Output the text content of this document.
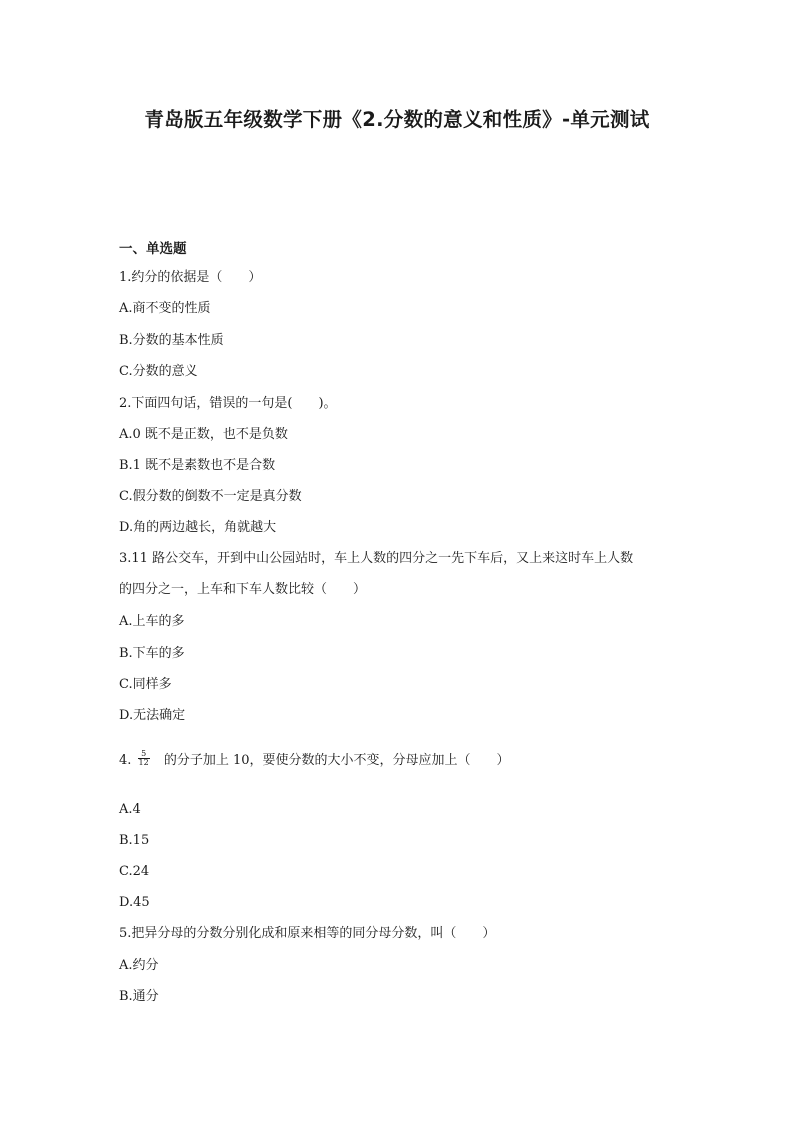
青岛版五年级数学下册《2.分数的意义和性质》-单元测试
一、单选题
1.约分的依据是（　　）
A.商不变的性质
B.分数的基本性质
C.分数的意义
2.下面四句话，错误的一句是(　　)。
A.0 既不是正数，也不是负数
B.1 既不是素数也不是合数
C.假分数的倒数不一定是真分数
D.角的两边越长，角就越大
3.11 路公交车，开到中山公园站时，车上人数的四分之一先下车后，又上来这时车上人数
的四分之一，上车和下车人数比较（　　）
A.上车的多
B.下车的多
C.同样多
D.无法确定
4. $\frac{5}{12}$ 的分子加上 10，要使分数的大小不变，分母应加上（　　）
A.4
B.15
C.24
D.45
5.把异分母的分数分别化成和原来相等的同分母分数，叫（　　）
A.约分
B.通分
